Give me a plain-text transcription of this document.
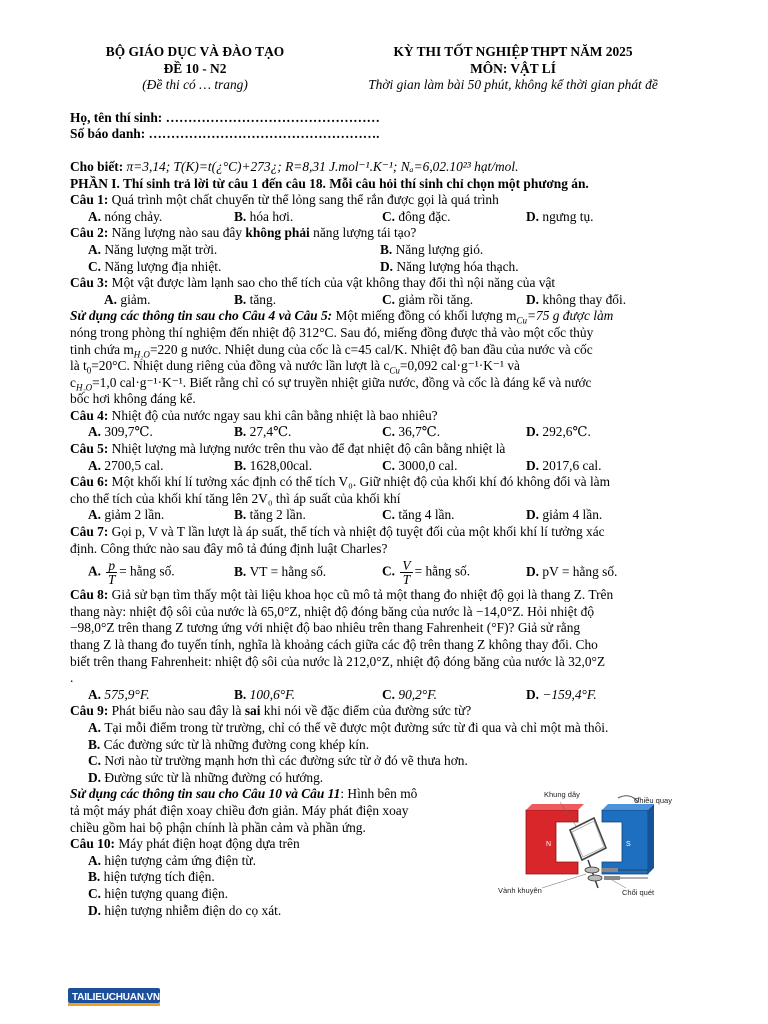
BỘ GIÁO DỤC VÀ ĐÀO TẠO
ĐỀ 10 - N2
(Đề thi có … trang)
KỲ THI TỐT NGHIỆP THPT NĂM 2025
MÔN: VẬT LÍ
Thời gian làm bài 50 phút, không kể thời gian phát đề
Họ, tên thí sinh: …………………………………………
Số báo danh: …………………………………………….
Cho biết: π=3,14; T(K)=t(¿°C)+273¿; R=8,31 J.mol⁻¹.K⁻¹; Nₐ=6,02.10²³ hạt/mol.
PHẦN I. Thí sinh trả lời từ câu 1 đến câu 18. Mỗi câu hỏi thí sinh chỉ chọn một phương án.
Câu 1: Quá trình một chất chuyển từ thể lỏng sang thể rắn được gọi là quá trình
A. nóng chảy.	B. hóa hơi.	C. đông đặc.	D. ngưng tụ.
Câu 2: Năng lượng nào sau đây không phải năng lượng tái tạo?
A. Năng lượng mặt trời.	B. Năng lượng gió.
C. Năng lượng địa nhiệt.	D. Năng lượng hóa thạch.
Câu 3: Một vật được làm lạnh sao cho thể tích của vật không thay đổi thì nội năng của vật
A. giảm.	B. tăng.	C. giảm rồi tăng.	D. không thay đổi.
Sử dụng các thông tin sau cho Câu 4 và Câu 5: Một miếng đồng có khối lượng $m_{Cu}=75$ g được làm
nóng trong phòng thí nghiệm đến nhiệt độ 312°C. Sau đó, miếng đồng được thả vào một cốc thủy
tinh chứa $m_{H_2O}=220$ g nước. Nhiệt dung của cốc là c=45 cal/K. Nhiệt độ ban đầu của nước và cốc
là $t_0=20^\circ C$. Nhiệt dung riêng của đồng và nước lần lượt là $c_{Cu}=0,092$ cal·g⁻¹·K⁻¹ và
$c_{H_2O}=1,0$ cal·g⁻¹·K⁻¹. Biết rằng chỉ có sự truyền nhiệt giữa nước, đồng và cốc là đáng kể và nước
bốc hơi không đáng kể.
Câu 4: Nhiệt độ của nước ngay sau khi cân bằng nhiệt là bao nhiêu?
A. 309,7℃.	B. 27,4℃.	C. 36,7℃.	D. 292,6℃.
Câu 5: Nhiệt lượng mà lượng nước trên thu vào để đạt nhiệt độ cân bằng nhiệt là
A. 2700,5 cal.	B. 1628,00cal.	C. 3000,0 cal.	D. 2017,6 cal.
Câu 6: Một khối khí lí tưởng xác định có thể tích V₀. Giữ nhiệt độ của khối khí đó không đổi và làm
cho thể tích của khối khí tăng lên 2V₀ thì áp suất của khối khí
A. giảm 2 lần.	B. tăng 2 lần.	C. tăng 4 lần.	D. giảm 4 lần.
Câu 7: Gọi p, V và T lần lượt là áp suất, thể tích và nhiệt độ tuyệt đối của một khối khí lí tưởng xác
định. Công thức nào sau đây mô tả đúng định luật Charles?
A. $\frac{p}{T}$ = hằng số.	B. VT = hằng số.	C. $\frac{V}{T}$ = hằng số.	D. pV = hằng số.
Câu 8: Giả sử bạn tìm thấy một tài liệu khoa học cũ mô tả một thang đo nhiệt độ gọi là thang Z. Trên
thang này: nhiệt độ sôi của nước là 65,0°Z, nhiệt độ đóng băng của nước là −14,0°Z. Hỏi nhiệt độ
−98,0°Z trên thang Z tương ứng với nhiệt độ bao nhiêu trên thang Fahrenheit (°F)? Giả sử rằng
thang Z là thang đo tuyến tính, nghĩa là khoảng cách giữa các độ trên thang Z không thay đổi. Cho
biết trên thang Fahrenheit: nhiệt độ sôi của nước là 212,0°Z, nhiệt độ đóng băng của nước là 32,0°Z
.
A. 575,9°F.	B. 100,6°F.	C. 90,2°F.	D. −159,4°F.
Câu 9: Phát biểu nào sau đây là sai khi nói về đặc điểm của đường sức từ?
A. Tại mỗi điểm trong từ trường, chỉ có thể vẽ được một đường sức từ đi qua và chỉ một mà thôi.
B. Các đường sức từ là những đường cong khép kín.
C. Nơi nào từ trường mạnh hơn thì các đường sức từ ở đó vẽ thưa hơn.
D. Đường sức từ là những đường có hướng.
Sử dụng các thông tin sau cho Câu 10 và Câu 11: Hình bên mô
tả một máy phát điện xoay chiều đơn giản. Máy phát điện xoay
chiều gồm hai bộ phận chính là phần cảm và phần ứng.
Câu 10: Máy phát điện hoạt động dựa trên
A. hiện tượng cảm ứng điện từ.
B. hiện tượng tích điện.
C. hiện tượng quang điện.
D. hiện tượng nhiễm điện do cọ xát.
N	S
Khung dây
Chiều quay
Vành khuyên	Chổi quét
TAILIEUCHUAN.VN
